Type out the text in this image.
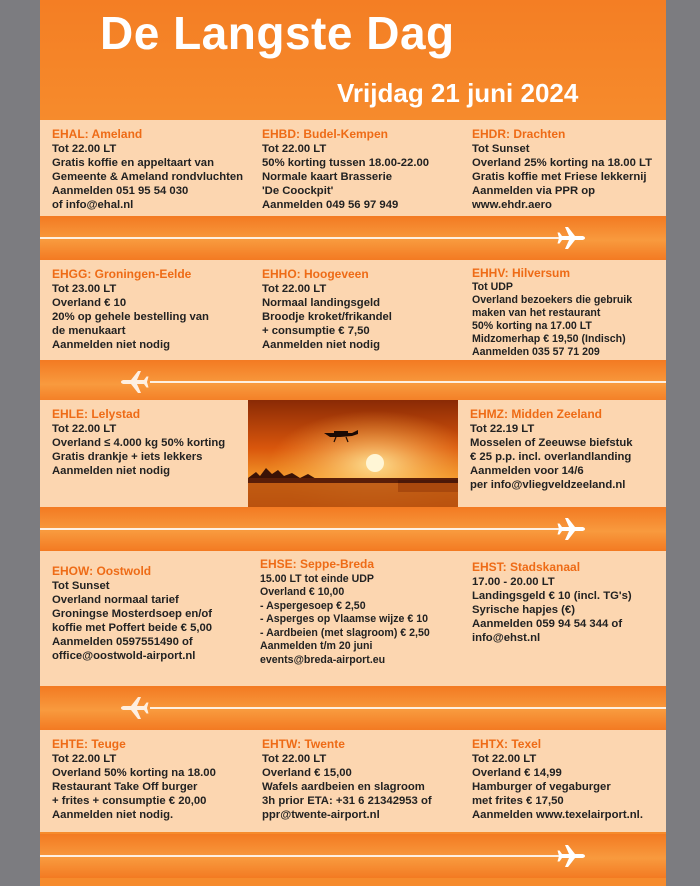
De Langste Dag
Vrijdag 21 juni 2024
EHAL: Ameland
Tot 22.00 LT
Gratis koffie en appeltaart van
Gemeente & Ameland rondvluchten
Aanmelden 051 95 54 030
of info@ehal.nl
EHBD: Budel-Kempen
Tot 22.00 LT
50% korting tussen 18.00-22.00
Normale kaart Brasserie
'De Coockpit'
Aanmelden 049 56 97 949
EHDR: Drachten
Tot Sunset
Overland 25% korting na 18.00 LT
Gratis koffie met Friese lekkernij
Aanmelden via PPR op
www.ehdr.aero
EHGG: Groningen-Eelde
Tot 23.00 LT
Overland € 10
20% op gehele bestelling van
de menukaart
Aanmelden niet nodig
EHHO: Hoogeveen
Tot 22.00 LT
Normaal landingsgeld
Broodje kroket/frikandel
+ consumptie € 7,50
Aanmelden niet nodig
EHHV: Hilversum
Tot UDP
Overland bezoekers die gebruik
maken van het restaurant
50% korting na 17.00 LT
Midzomerhap € 19,50 (Indisch)
Aanmelden 035 57 71 209
EHLE: Lelystad
Tot 22.00 LT
Overland ≤ 4.000 kg 50% korting
Gratis drankje + iets lekkers
Aanmelden niet nodig
EHMZ: Midden Zeeland
Tot 22.19 LT
Mosselen of Zeeuwse biefstuk
€ 25 p.p. incl. overlandlanding
Aanmelden voor 14/6
per info@vliegveldzeeland.nl
EHOW: Oostwold
Tot Sunset
Overland normaal tarief
Groningse Mosterdsoep en/of
koffie met Poffert beide € 5,00
Aanmelden 0597551490 of
office@oostwold-airport.nl
EHSE: Seppe-Breda
15.00 LT tot einde UDP
Overland € 10,00
- Aspergesoep € 2,50
- Asperges op Vlaamse wijze € 10
- Aardbeien (met slagroom) € 2,50
Aanmelden t/m 20 juni
events@breda-airport.eu
EHST: Stadskanaal
17.00 - 20.00 LT
Landingsgeld € 10 (incl. TG's)
Syrische hapjes (€)
Aanmelden 059 94 54 344 of
info@ehst.nl
EHTE: Teuge
Tot 22.00 LT
Overland 50% korting na 18.00
Restaurant Take Off burger
+ frites + consumptie € 20,00
Aanmelden niet nodig.
EHTW: Twente
Tot 22.00 LT
Overland € 15,00
Wafels aardbeien en slagroom
3h prior ETA: +31 6 21342953 of
ppr@twente-airport.nl
EHTX: Texel
Tot 22.00 LT
Overland € 14,99
Hamburger of vegaburger
met frites € 17,50
Aanmelden www.texelairport.nl.
